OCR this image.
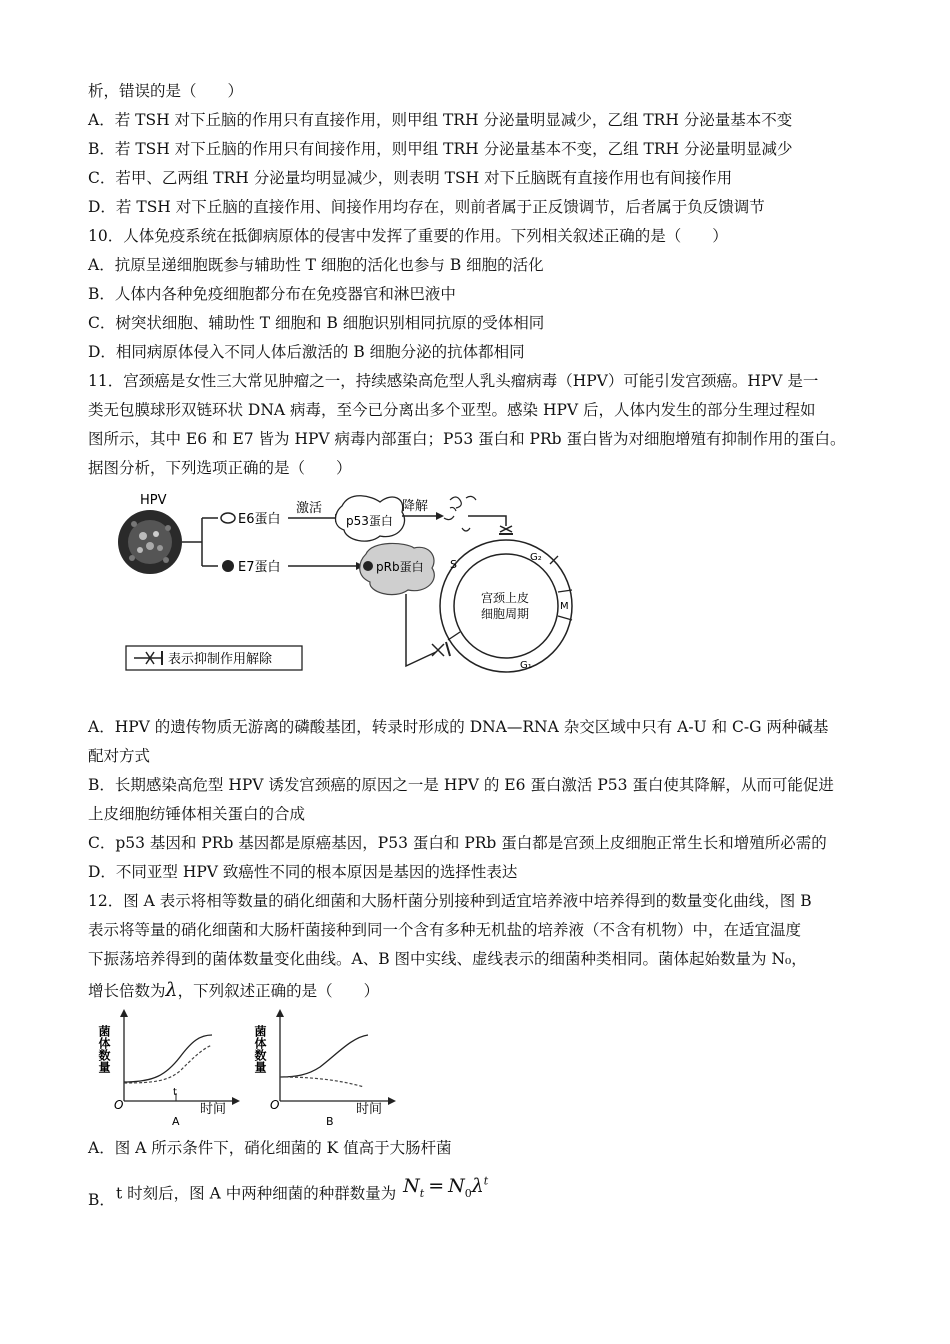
析，错误的是（　　）
A．若 TSH 对下丘脑的作用只有直接作用，则甲组 TRH 分泌量明显减少，乙组 TRH 分泌量基本不变
B．若 TSH 对下丘脑的作用只有间接作用，则甲组 TRH 分泌量基本不变，乙组 TRH 分泌量明显减少
C．若甲、乙两组 TRH 分泌量均明显减少，则表明 TSH 对下丘脑既有直接作用也有间接作用
D．若 TSH 对下丘脑的直接作用、间接作用均存在，则前者属于正反馈调节，后者属于负反馈调节
10．人体免疫系统在抵御病原体的侵害中发挥了重要的作用。下列相关叙述正确的是（　　）
A．抗原呈递细胞既参与辅助性 T 细胞的活化也参与 B 细胞的活化
B．人体内各种免疫细胞都分布在免疫器官和淋巴液中
C．树突状细胞、辅助性 T 细胞和 B 细胞识别相同抗原的受体相同
D．相同病原体侵入不同人体后激活的 B 细胞分泌的抗体都相同
11．宫颈癌是女性三大常见肿瘤之一，持续感染高危型人乳头瘤病毒（HPV）可能引发宫颈癌。HPV 是一
类无包膜球形双链环状 DNA 病毒，至今已分离出多个亚型。感染 HPV 后，人体内发生的部分生理过程如
图所示，其中 E6 和 E7 皆为 HPV 病毒内部蛋白；P53 蛋白和 PRb 蛋白皆为对细胞增殖有抑制作用的蛋白。
据图分析，下列选项正确的是（　　）
HPV
E6蛋白
E7蛋白
激活
p53蛋白
降解
pRb蛋白
宫颈上皮
细胞周期
S
G₂
M
G₁
表示抑制作用解除
A．HPV 的遗传物质无游离的磷酸基团，转录时形成的 DNA—RNA 杂交区域中只有 A-U 和 C-G 两种碱基
配对方式
B．长期感染高危型 HPV 诱发宫颈癌的原因之一是 HPV 的 E6 蛋白激活 P53 蛋白使其降解，从而可能促进
上皮细胞纺锤体相关蛋白的合成
C．p53 基因和 PRb 基因都是原癌基因，P53 蛋白和 PRb 蛋白都是宫颈上皮细胞正常生长和增殖所必需的
D．不同亚型 HPV 致癌性不同的根本原因是基因的选择性表达
12．图 A 表示将相等数量的硝化细菌和大肠杆菌分别接种到适宜培养液中培养得到的数量变化曲线，图 B
表示将等量的硝化细菌和大肠杆菌接种到同一个含有多种无机盐的培养液（不含有机物）中，在适宜温度
下振荡培养得到的菌体数量变化曲线。A、B 图中实线、虚线表示的细菌种类相同。菌体起始数量为 N₀，
增长倍数为λ，下列叙述正确的是（　　）
菌体数量
t
O	时间
A
菌体数量
O	时间
B
A．图 A 所示条件下，硝化细菌的 K 值高于大肠杆菌
B． t 时刻后，图 A 中两种细菌的种群数量为 $N_t = N_0\lambda^t$
